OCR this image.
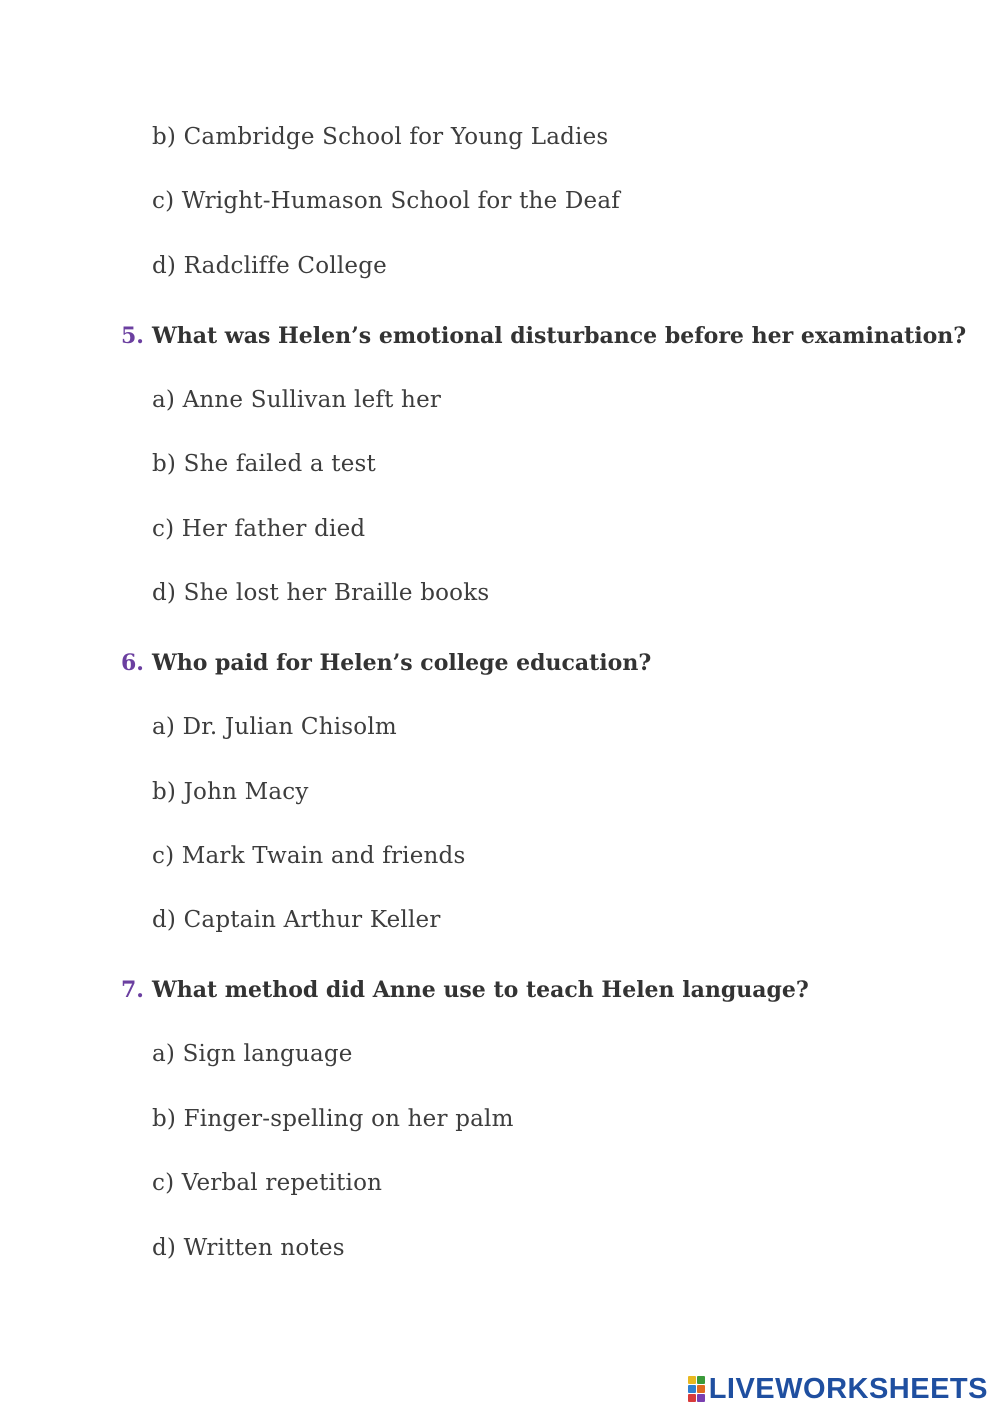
b) Cambridge School for Young Ladies
c) Wright-Humason School for the Deaf
d) Radcliffe College
5. What was Helen’s emotional disturbance before her examination?
a) Anne Sullivan left her
b) She failed a test
c) Her father died
d) She lost her Braille books
6. Who paid for Helen’s college education?
a) Dr. Julian Chisolm
b) John Macy
c) Mark Twain and friends
d) Captain Arthur Keller
7. What method did Anne use to teach Helen language?
a) Sign language
b) Finger-spelling on her palm
c) Verbal repetition
d) Written notes
LIVEWORKSHEETS
